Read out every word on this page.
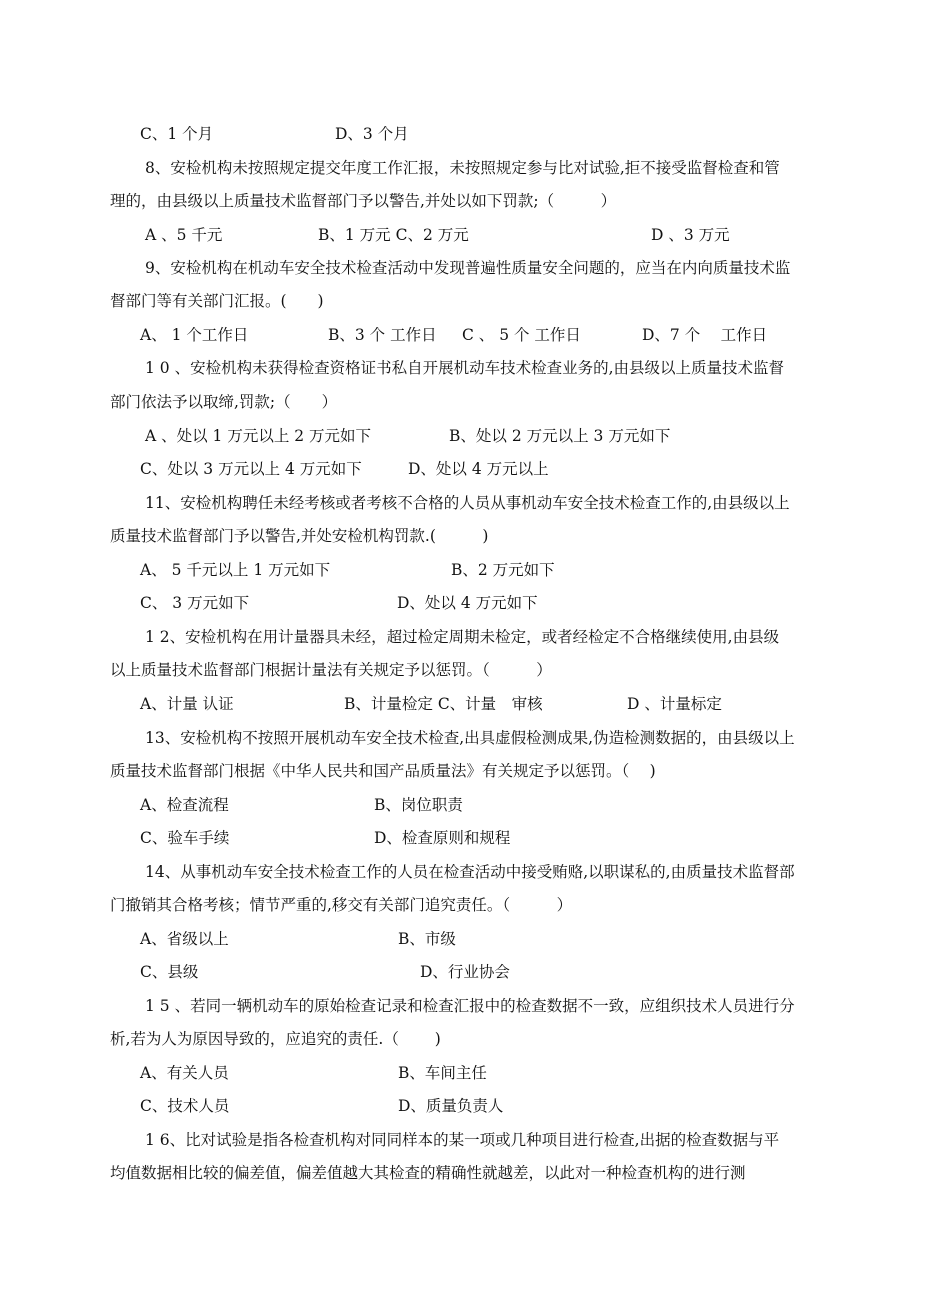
C、1 个月	D、3 个月
8、安检机构未按照规定提交年度工作汇报，未按照规定参与比对试验,拒不接受监督检查和管
理的，由县级以上质量技术监督部门予以警告,并处以如下罚款;（　　　）
A 、5 千元	B、1 万元 C、2 万元	D 、3 万元
9、安检机构在机动车安全技术检查活动中发现普遍性质量安全问题的，应当在内向质量技术监
督部门等有关部门汇报。(　　)
A、 1 个工作日	B、3 个 工作日 C 、 5 个 工作日	D、7 个　 工作日
1 0 、安检机构未获得检查资格证书私自开展机动车技术检查业务的,由县级以上质量技术监督
部门依法予以取缔,罚款;（　　）
A 、处以 1 万元以上 2 万元如下	B、处以 2 万元以上 3 万元如下
C、处以 3 万元以上 4 万元如下	D、处以 4 万元以上
11、安检机构聘任未经考核或者考核不合格的人员从事机动车安全技术检查工作的,由县级以上
质量技术监督部门予以警告,并处安检机构罚款.(　　　)
A、 5 千元以上 1 万元如下	B、2 万元如下
C、 3 万元如下	D、处以 4 万元如下
1 2、安检机构在用计量器具未经，超过检定周期未检定，或者经检定不合格继续使用,由县级
以上质量技术监督部门根据计量法有关规定予以惩罚。（　　　）
A、计量 认证	B、计量检定 C、计量　审核	D 、计量标定
13、安检机构不按照开展机动车安全技术检查,出具虚假检测成果,伪造检测数据的，由县级以上
质量技术监督部门根据《中华人民共和国产品质量法》有关规定予以惩罚。（　 )
A、检查流程	B、岗位职责
C、验车手续	D、检查原则和规程
14、从事机动车安全技术检查工作的人员在检查活动中接受贿赂,以职谋私的,由质量技术监督部
门撤销其合格考核；情节严重的,移交有关部门追究责任。（　　　）
A、省级以上	B、市级
C、县级	D、行业协会
1 5 、若同一辆机动车的原始检查记录和检查汇报中的检查数据不一致，应组织技术人员进行分
析,若为人为原因导致的，应追究的责任.（　　 )
A、有关人员	B、车间主任
C、技术人员	D、质量负责人
1 6、比对试验是指各检查机构对同同样本的某一项或几种项目进行检查,出据的检查数据与平
均值数据相比较的偏差值，偏差值越大其检查的精确性就越差，以此对一种检查机构的进行测
